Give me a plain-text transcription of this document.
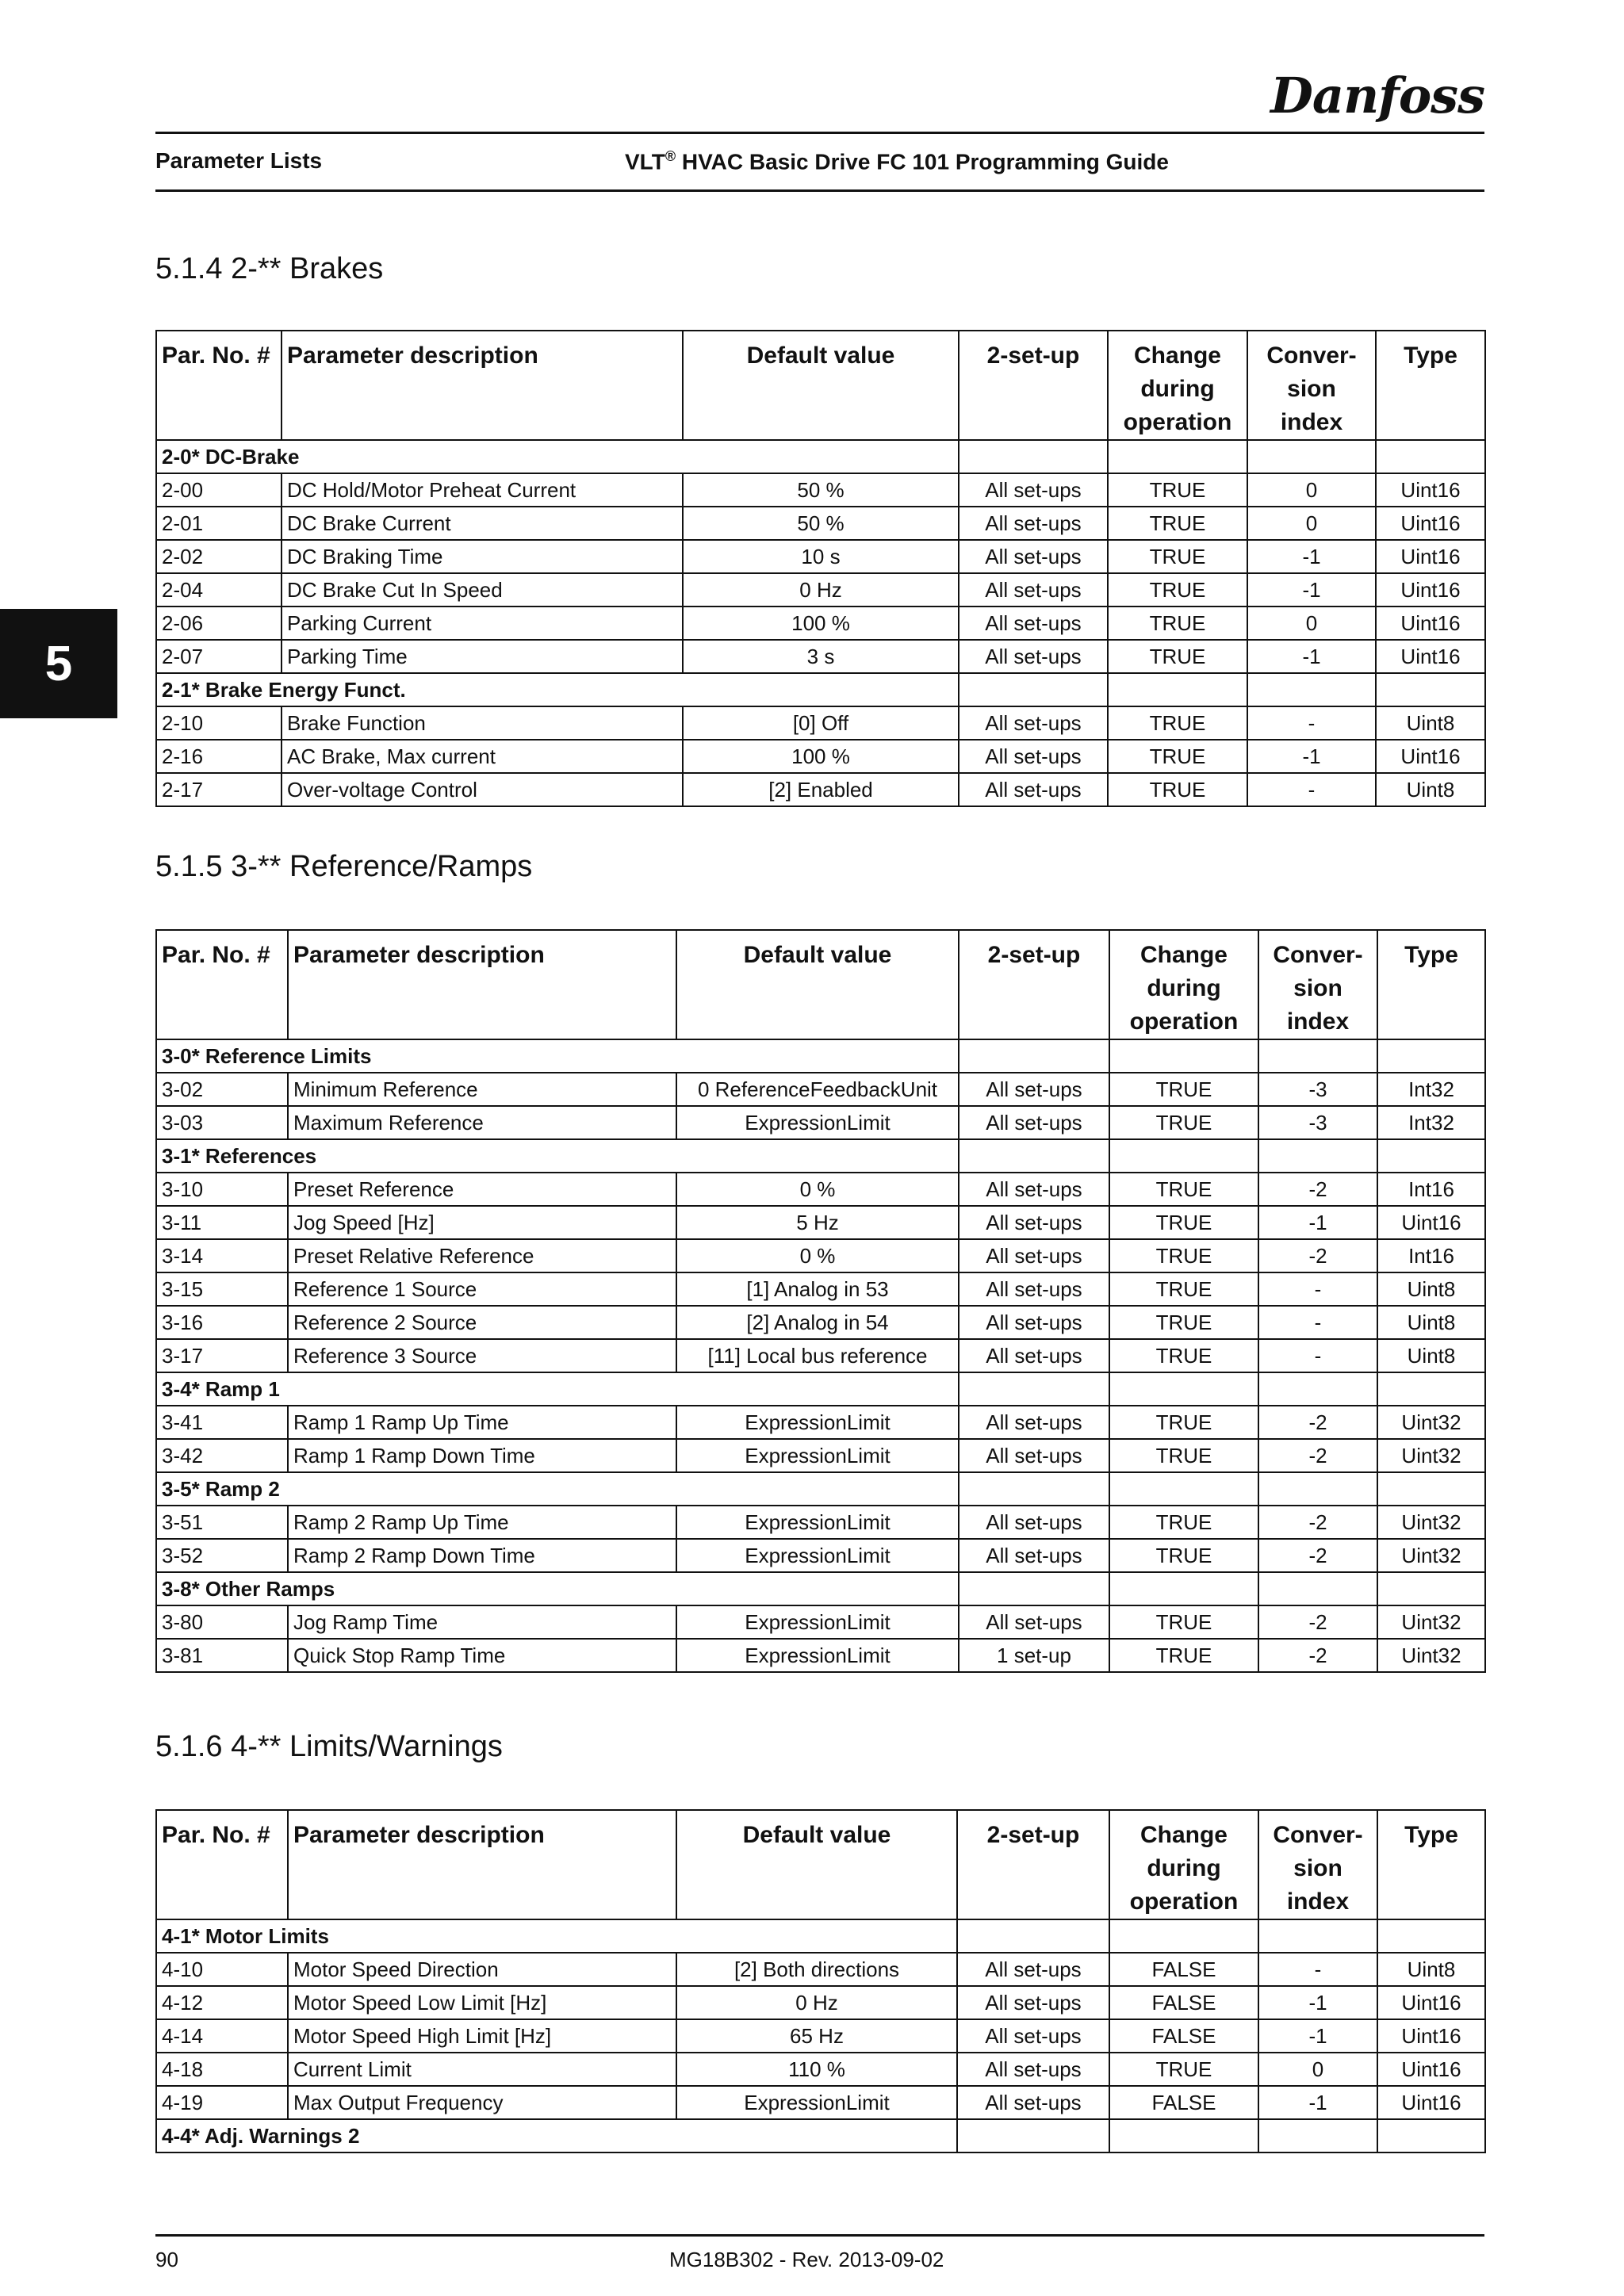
Danfoss
Parameter Lists	VLT® HVAC Basic Drive FC 101 Programming Guide
5
5.1.4 2-** Brakes
Par. No. #	Parameter description	Default value	2-set-up	Change during operation	Conver- sion index	Type
2-0* DC-Brake						
2-00	DC Hold/Motor Preheat Current	50 %	All set-ups	TRUE	0	Uint16
2-01	DC Brake Current	50 %	All set-ups	TRUE	0	Uint16
2-02	DC Braking Time	10 s	All set-ups	TRUE	-1	Uint16
2-04	DC Brake Cut In Speed	0 Hz	All set-ups	TRUE	-1	Uint16
2-06	Parking Current	100 %	All set-ups	TRUE	0	Uint16
2-07	Parking Time	3 s	All set-ups	TRUE	-1	Uint16
2-1* Brake Energy Funct.						
2-10	Brake Function	[0] Off	All set-ups	TRUE	-	Uint8
2-16	AC Brake, Max current	100 %	All set-ups	TRUE	-1	Uint16
2-17	Over-voltage Control	[2] Enabled	All set-ups	TRUE	-	Uint8
5.1.5 3-** Reference/Ramps
Par. No. #	Parameter description	Default value	2-set-up	Change during operation	Conver- sion index	Type
3-0* Reference Limits						
3-02	Minimum Reference	0 ReferenceFeedbackUnit	All set-ups	TRUE	-3	Int32
3-03	Maximum Reference	ExpressionLimit	All set-ups	TRUE	-3	Int32
3-1* References						
3-10	Preset Reference	0 %	All set-ups	TRUE	-2	Int16
3-11	Jog Speed [Hz]	5 Hz	All set-ups	TRUE	-1	Uint16
3-14	Preset Relative Reference	0 %	All set-ups	TRUE	-2	Int16
3-15	Reference 1 Source	[1] Analog in 53	All set-ups	TRUE	-	Uint8
3-16	Reference 2 Source	[2] Analog in 54	All set-ups	TRUE	-	Uint8
3-17	Reference 3 Source	[11] Local bus reference	All set-ups	TRUE	-	Uint8
3-4* Ramp 1						
3-41	Ramp 1 Ramp Up Time	ExpressionLimit	All set-ups	TRUE	-2	Uint32
3-42	Ramp 1 Ramp Down Time	ExpressionLimit	All set-ups	TRUE	-2	Uint32
3-5* Ramp 2						
3-51	Ramp 2 Ramp Up Time	ExpressionLimit	All set-ups	TRUE	-2	Uint32
3-52	Ramp 2 Ramp Down Time	ExpressionLimit	All set-ups	TRUE	-2	Uint32
3-8* Other Ramps						
3-80	Jog Ramp Time	ExpressionLimit	All set-ups	TRUE	-2	Uint32
3-81	Quick Stop Ramp Time	ExpressionLimit	1 set-up	TRUE	-2	Uint32
5.1.6 4-** Limits/Warnings
Par. No. #	Parameter description	Default value	2-set-up	Change during operation	Conver- sion index	Type
4-1* Motor Limits						
4-10	Motor Speed Direction	[2] Both directions	All set-ups	FALSE	-	Uint8
4-12	Motor Speed Low Limit [Hz]	0 Hz	All set-ups	FALSE	-1	Uint16
4-14	Motor Speed High Limit [Hz]	65 Hz	All set-ups	FALSE	-1	Uint16
4-18	Current Limit	110 %	All set-ups	TRUE	0	Uint16
4-19	Max Output Frequency	ExpressionLimit	All set-ups	FALSE	-1	Uint16
4-4* Adj. Warnings 2						
90	MG18B302 - Rev. 2013-09-02
